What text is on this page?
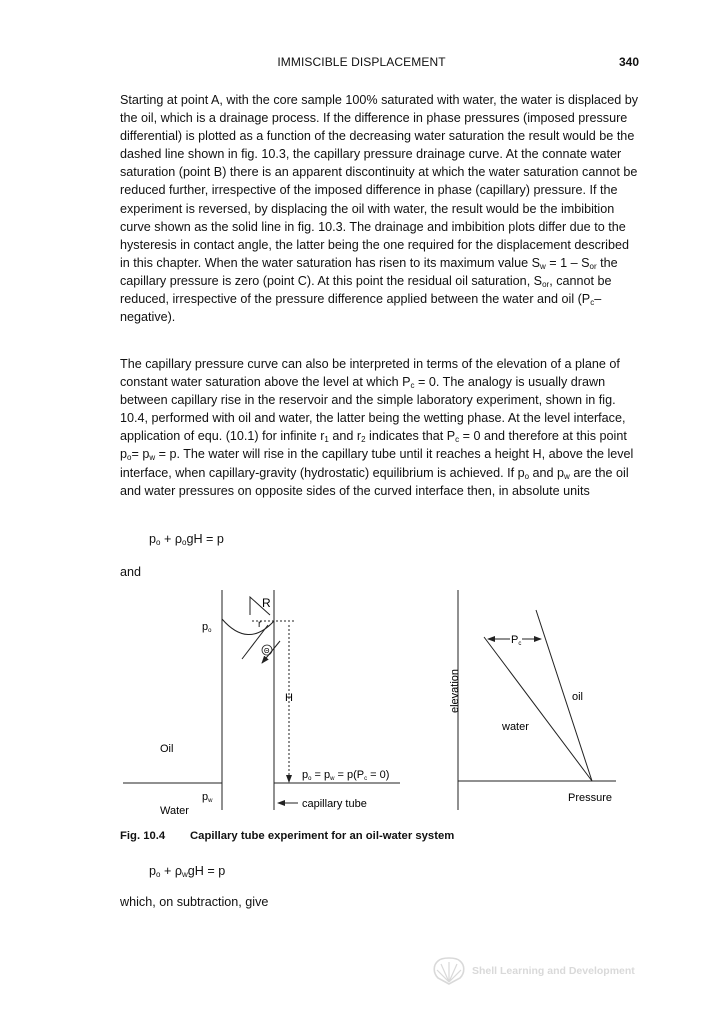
IMMISCIBLE DISPLACEMENT	340

Starting at point A, with the core sample 100% saturated with water, the water is displaced by the oil, which is a drainage process. If the difference in phase pressures (imposed pressure differential) is plotted as a function of the decreasing water saturation the result would be the dashed line shown in fig. 10.3, the capillary pressure drainage curve. At the connate water saturation (point B) there is an apparent discontinuity at which the water saturation cannot be reduced further, irrespective of the imposed difference in phase (capillary) pressure. If the experiment is reversed, by displacing the oil with water, the result would be the imbibition curve shown as the solid line in fig. 10.3. The drainage and imbibition plots differ due to the hysteresis in contact angle, the latter being the one required for the displacement described in this chapter. When the water saturation has risen to its maximum value $S_w = 1 - S_{or}$ the capillary pressure is zero (point C). At this point the residual oil saturation, $S_{or}$, cannot be reduced, irrespective of the pressure difference applied between the water and oil $(P_c-negative)$.

The capillary pressure curve can also be interpreted in terms of the elevation of a plane of constant water saturation above the level at which $P_c = 0$. The analogy is usually drawn between capillary rise in the reservoir and the simple laboratory experiment, shown in fig. 10.4, performed with oil and water, the latter being the wetting phase. At the level interface, application of equ. (10.1) for infinite $r_1$ and $r_2$ indicates that $P_c = 0$ and therefore at this point $p_o= p_w = p$. The water will rise in the capillary tube until it reaches a height H, above the level interface, when capillary-gravity (hydrostatic) equilibrium is achieved. If $p_o$ and $p_w$ are the oil and water pressures on opposite sides of the curved interface then, in absolute units

$p_o + \rho_ogH = p$
and
R
r
Θ
po
H
Oil
pw
Water
po = pw = p(Pc = 0)
capillary tube
Pc
elevation	oil
water
Pressure
Fig. 10.4 Capillary tube experiment for an oil-water system
$p_o + \rho_wgH = p$
which, on subtraction, give
Shell Learning and Development
